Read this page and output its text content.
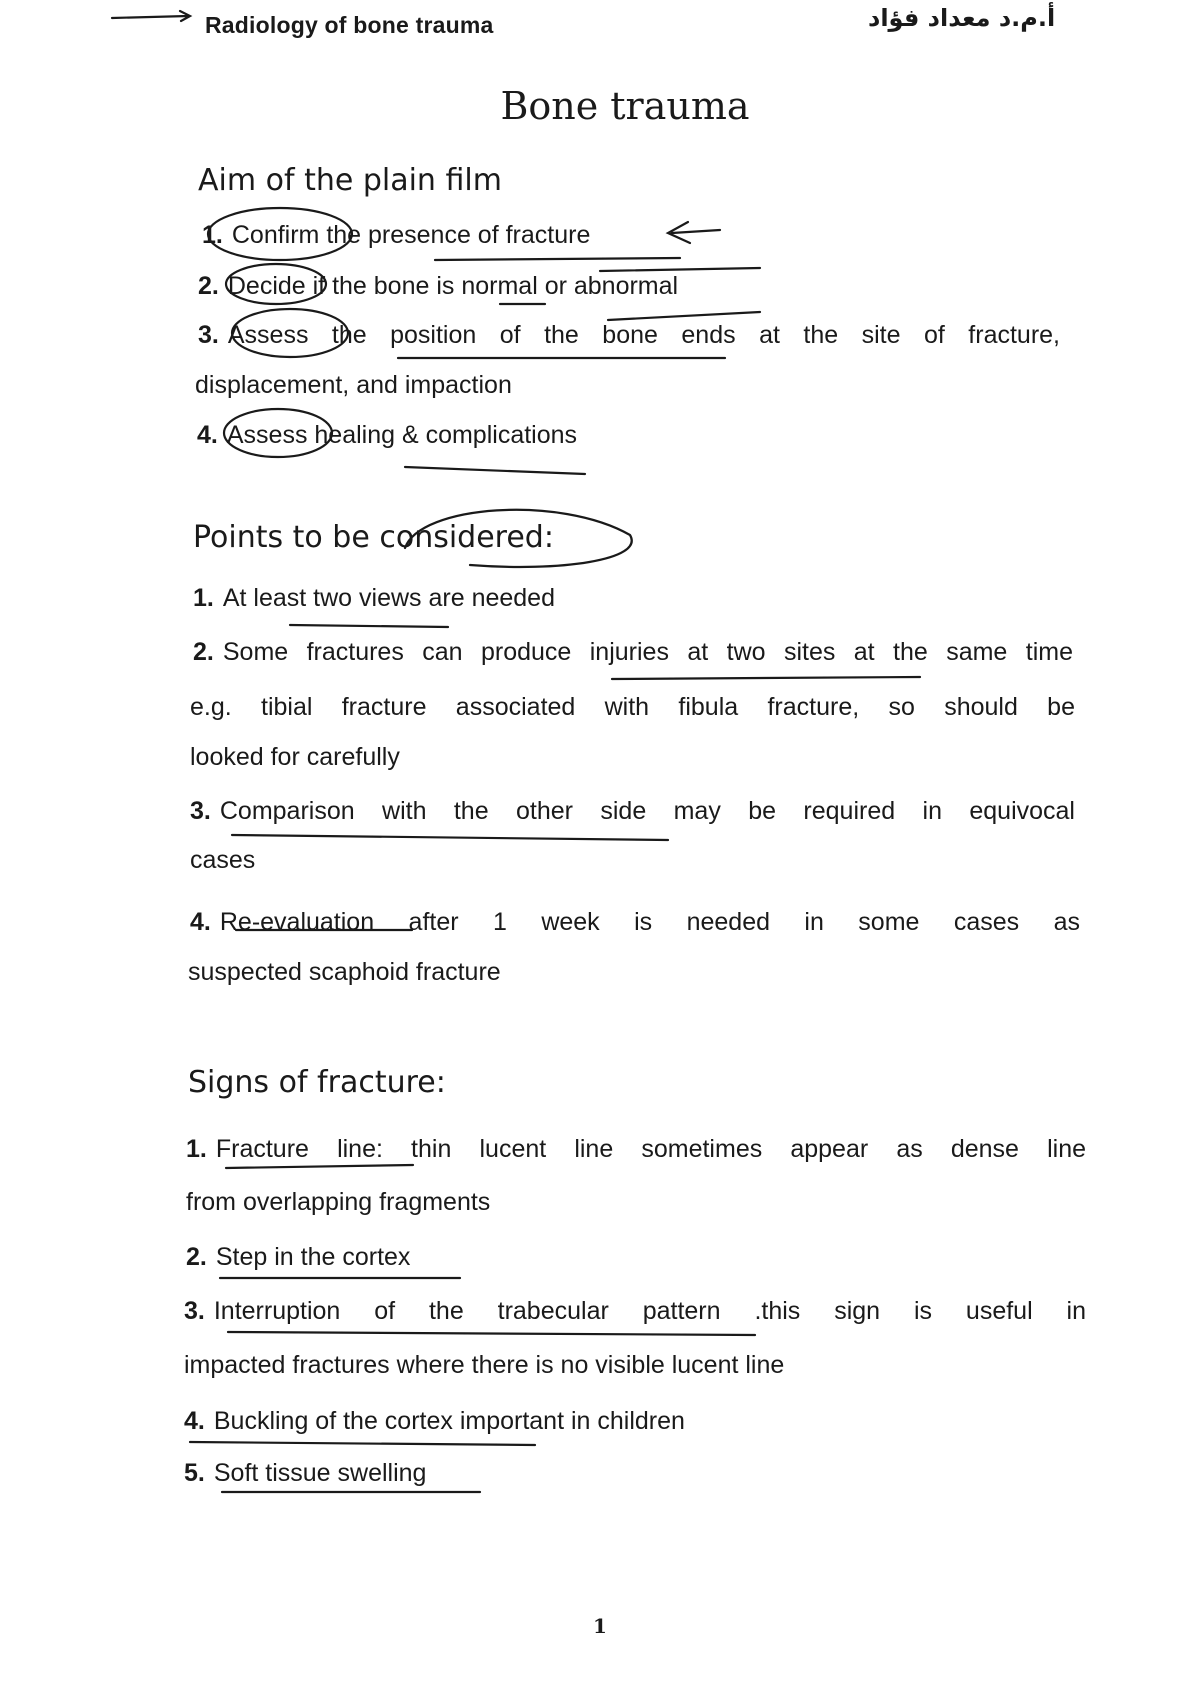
Radiology of bone trauma	أ.م.د معداد فؤاد
Bone trauma
Aim of the plain film
1. Confirm the presence of fracture
2. Decide if the bone is normal or abnormal
3. Assess the position of the bone ends at the site of fracture,
displacement, and impaction
4. Assess healing & complications
Points to be considered:
1. At least two views are needed
2. Some fractures can produce injuries at two sites at the same time
e.g. tibial fracture associated with fibula fracture, so should be
looked for carefully
3. Comparison with the other side may be required in equivocal
cases
4. Re-evaluation after 1 week is needed in some cases as
suspected scaphoid fracture
Signs of fracture:
1. Fracture line: thin lucent line sometimes appear as dense line
from overlapping fragments
2. Step in the cortex
3. Interruption of the trabecular pattern .this sign is useful in
impacted fractures where there is no visible lucent line
4. Buckling of the cortex important in children
5. Soft tissue swelling
1
